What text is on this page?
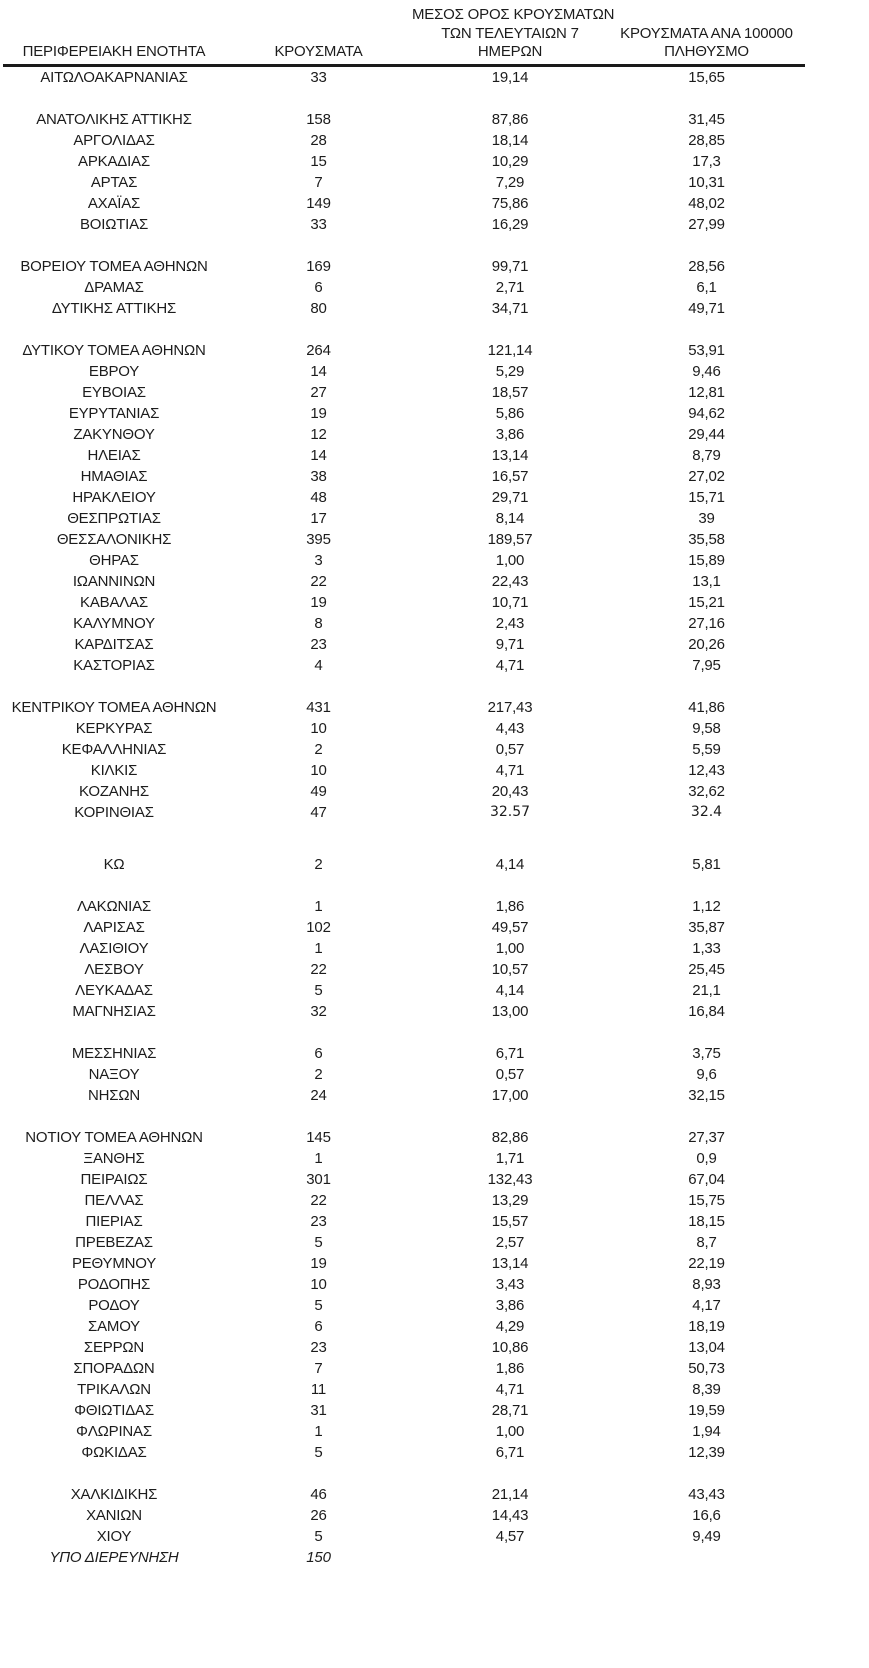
ΠΕΡΙΦΕΡΕΙΑΚΗ ΕΝΟΤΗΤΑ	ΚΡΟΥΣΜΑΤΑ
ΜΕΣΟΣ ΟΡΟΣ ΚΡΟΥΣΜΑΤΩΝ
ΤΩΝ ΤΕΛΕΥΤΑΙΩΝ 7
ΗΜΕΡΩΝ
ΚΡΟΥΣΜΑΤΑ ΑΝΑ 100000
ΠΛΗΘΥΣΜΟ
ΑΙΤΩΛΟΑΚΑΡΝΑΝΙΑΣ	33	19,14	15,65
ΑΝΑΤΟΛΙΚΗΣ ΑΤΤΙΚΗΣ	158	87,86	31,45
ΑΡΓΟΛΙΔΑΣ	28	18,14	28,85
ΑΡΚΑΔΙΑΣ	15	10,29	17,3
ΑΡΤΑΣ	7	7,29	10,31
ΑΧΑΪΑΣ	149	75,86	48,02
ΒΟΙΩΤΙΑΣ	33	16,29	27,99
ΒΟΡΕΙΟΥ ΤΟΜΕΑ ΑΘΗΝΩΝ	169	99,71	28,56
ΔΡΑΜΑΣ	6	2,71	6,1
ΔΥΤΙΚΗΣ ΑΤΤΙΚΗΣ	80	34,71	49,71
ΔΥΤΙΚΟΥ ΤΟΜΕΑ ΑΘΗΝΩΝ	264	121,14	53,91
ΕΒΡΟΥ	14	5,29	9,46
ΕΥΒΟΙΑΣ	27	18,57	12,81
ΕΥΡΥΤΑΝΙΑΣ	19	5,86	94,62
ΖΑΚΥΝΘΟΥ	12	3,86	29,44
ΗΛΕΙΑΣ	14	13,14	8,79
ΗΜΑΘΙΑΣ	38	16,57	27,02
ΗΡΑΚΛΕΙΟΥ	48	29,71	15,71
ΘΕΣΠΡΩΤΙΑΣ	17	8,14	39
ΘΕΣΣΑΛΟΝΙΚΗΣ	395	189,57	35,58
ΘΗΡΑΣ	3	1,00	15,89
ΙΩΑΝΝΙΝΩΝ	22	22,43	13,1
ΚΑΒΑΛΑΣ	19	10,71	15,21
ΚΑΛΥΜΝΟΥ	8	2,43	27,16
ΚΑΡΔΙΤΣΑΣ	23	9,71	20,26
ΚΑΣΤΟΡΙΑΣ	4	4,71	7,95
ΚΕΝΤΡΙΚΟΥ ΤΟΜΕΑ ΑΘΗΝΩΝ	431	217,43	41,86
ΚΕΡΚΥΡΑΣ	10	4,43	9,58
ΚΕΦΑΛΛΗΝΙΑΣ	2	0,57	5,59
ΚΙΛΚΙΣ	10	4,71	12,43
ΚΟΖΑΝΗΣ	49	20,43	32,62
ΚΟΡΙΝΘΙΑΣ	47	32.57	32.4
ΚΩ	2	4,14	5,81
ΛΑΚΩΝΙΑΣ	1	1,86	1,12
ΛΑΡΙΣΑΣ	102	49,57	35,87
ΛΑΣΙΘΙΟΥ	1	1,00	1,33
ΛΕΣΒΟΥ	22	10,57	25,45
ΛΕΥΚΑΔΑΣ	5	4,14	21,1
ΜΑΓΝΗΣΙΑΣ	32	13,00	16,84
ΜΕΣΣΗΝΙΑΣ	6	6,71	3,75
ΝΑΞΟΥ	2	0,57	9,6
ΝΗΣΩΝ	24	17,00	32,15
ΝΟΤΙΟΥ ΤΟΜΕΑ ΑΘΗΝΩΝ	145	82,86	27,37
ΞΑΝΘΗΣ	1	1,71	0,9
ΠΕΙΡΑΙΩΣ	301	132,43	67,04
ΠΕΛΛΑΣ	22	13,29	15,75
ΠΙΕΡΙΑΣ	23	15,57	18,15
ΠΡΕΒΕΖΑΣ	5	2,57	8,7
ΡΕΘΥΜΝΟΥ	19	13,14	22,19
ΡΟΔΟΠΗΣ	10	3,43	8,93
ΡΟΔΟΥ	5	3,86	4,17
ΣΑΜΟΥ	6	4,29	18,19
ΣΕΡΡΩΝ	23	10,86	13,04
ΣΠΟΡΑΔΩΝ	7	1,86	50,73
ΤΡΙΚΑΛΩΝ	11	4,71	8,39
ΦΘΙΩΤΙΔΑΣ	31	28,71	19,59
ΦΛΩΡΙΝΑΣ	1	1,00	1,94
ΦΩΚΙΔΑΣ	5	6,71	12,39
ΧΑΛΚΙΔΙΚΗΣ	46	21,14	43,43
ΧΑΝΙΩΝ	26	14,43	16,6
ΧΙΟΥ	5	4,57	9,49
ΥΠΟ ΔΙΕΡΕΥΝΗΣΗ	150
